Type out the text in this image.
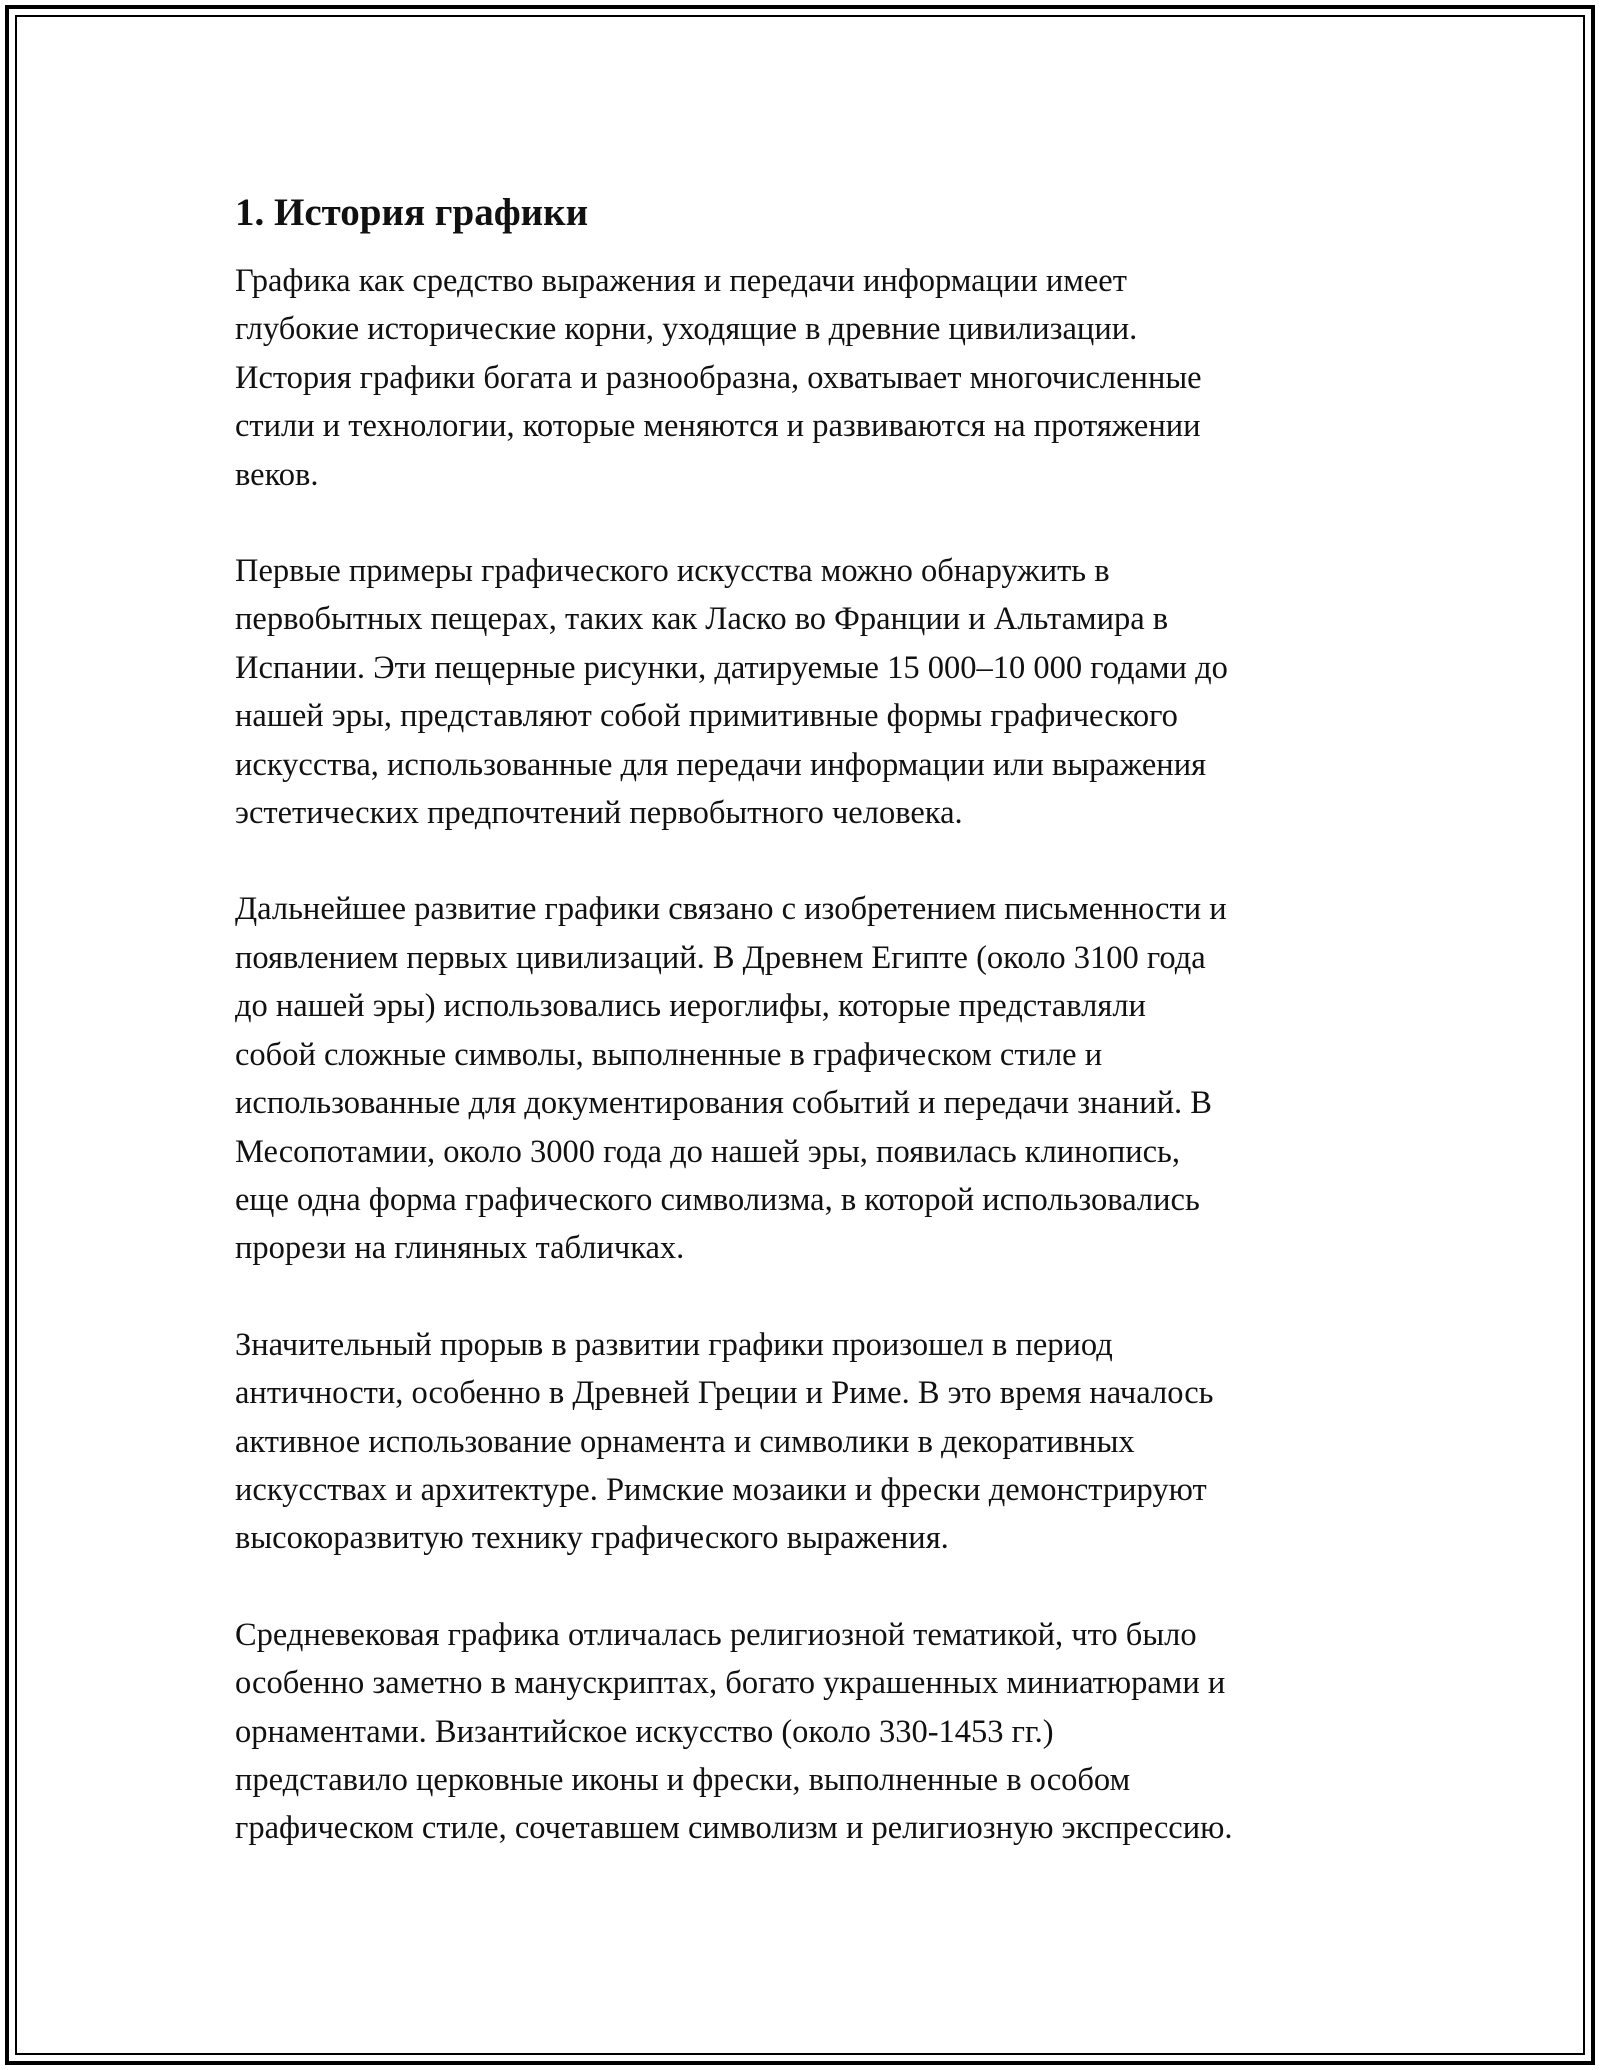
1. История графики

Графика как средство выражения и передачи информации имеет
глубокие исторические корни, уходящие в древние цивилизации.
История графики богата и разнообразна, охватывает многочисленные
стили и технологии, которые меняются и развиваются на протяжении
веков.

Первые примеры графического искусства можно обнаружить в
первобытных пещерах, таких как Ласко во Франции и Альтамира в
Испании. Эти пещерные рисунки, датируемые 15 000–10 000 годами до
нашей эры, представляют собой примитивные формы графического
искусства, использованные для передачи информации или выражения
эстетических предпочтений первобытного человека.

Дальнейшее развитие графики связано с изобретением письменности и
появлением первых цивилизаций. В Древнем Египте (около 3100 года
до нашей эры) использовались иероглифы, которые представляли
собой сложные символы, выполненные в графическом стиле и
использованные для документирования событий и передачи знаний. В
Месопотамии, около 3000 года до нашей эры, появилась клинопись,
еще одна форма графического символизма, в которой использовались
прорези на глиняных табличках.

Значительный прорыв в развитии графики произошел в период
античности, особенно в Древней Греции и Риме. В это время началось
активное использование орнамента и символики в декоративных
искусствах и архитектуре. Римские мозаики и фрески демонстрируют
высокоразвитую технику графического выражения.

Средневековая графика отличалась религиозной тематикой, что было
особенно заметно в манускриптах, богато украшенных миниатюрами и
орнаментами. Византийское искусство (около 330-1453 гг.)
представило церковные иконы и фрески, выполненные в особом
графическом стиле, сочетавшем символизм и религиозную экспрессию.
